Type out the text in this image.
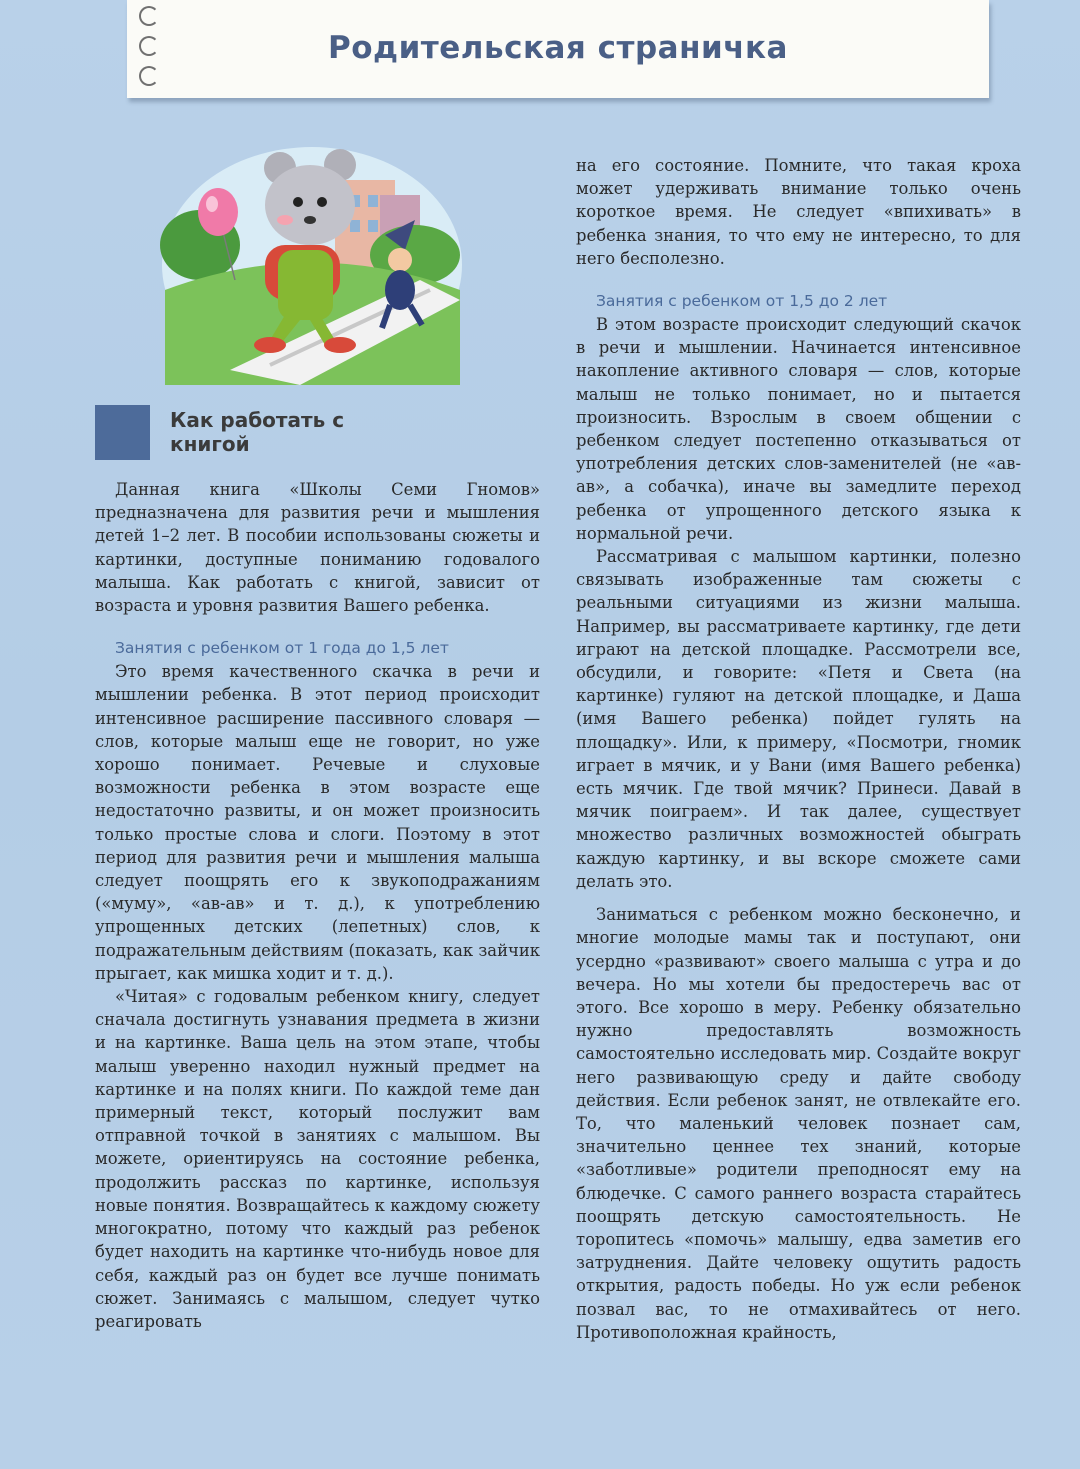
Родительская страничка
Как работать с книгой

Данная книга «Школы Семи Гномов» предназначена для развития речи и мышления детей 1–2 лет. В пособии использованы сюжеты и картинки, доступные пониманию годовалого малыша. Как работать с книгой, зависит от возраста и уровня развития Вашего ребенка.

Занятия с ребенком от 1 года до 1,5 лет

Это время качественного скачка в речи и мышлении ребенка. В этот период происходит интенсивное расширение пассивного словаря — слов, которые малыш еще не говорит, но уже хорошо понимает. Речевые и слуховые возможности ребенка в этом возрасте еще недостаточно развиты, и он может произносить только простые слова и слоги. Поэтому в этот период для развития речи и мышления малыша следует поощрять его к звукоподражаниям («муму», «ав-ав» и т. д.), к употреблению упрощенных детских (лепетных) слов, к подражательным действиям (показать, как зайчик прыгает, как мишка ходит и т. д.).

«Читая» с годовалым ребенком книгу, следует сначала достигнуть узнавания предмета в жизни и на картинке. Ваша цель на этом этапе, чтобы малыш уверенно находил нужный предмет на картинке и на полях книги. По каждой теме дан примерный текст, который послужит вам отправной точкой в занятиях с малышом. Вы можете, ориентируясь на состояние ребенка, продолжить рассказ по картинке, используя новые понятия. Возвращайтесь к каждому сюжету многократно, потому что каждый раз ребенок будет находить на картинке что-нибудь новое для себя, каждый раз он будет все лучше понимать сюжет. Занимаясь с малышом, следует чутко реагировать

на его состояние. Помните, что такая кроха может удерживать внимание только очень короткое время. Не следует «впихивать» в ребенка знания, то что ему не интересно, то для него бесполезно.

Занятия с ребенком от 1,5 до 2 лет

В этом возрасте происходит следующий скачок в речи и мышлении. Начинается интенсивное накопление активного словаря — слов, которые малыш не только понимает, но и пытается произносить. Взрослым в своем общении с ребенком следует постепенно отказываться от употребления детских слов-заменителей (не «ав-ав», а собачка), иначе вы замедлите переход ребенка от упрощенного детского языка к нормальной речи.

Рассматривая с малышом картинки, полезно связывать изображенные там сюжеты с реальными ситуациями из жизни малыша. Например, вы рассматриваете картинку, где дети играют на детской площадке. Рассмотрели все, обсудили, и говорите: «Петя и Света (на картинке) гуляют на детской площадке, и Даша (имя Вашего ребенка) пойдет гулять на площадку». Или, к примеру, «Посмотри, гномик играет в мячик, и у Вани (имя Вашего ребенка) есть мячик. Где твой мячик? Принеси. Давай в мячик поиграем». И так далее, существует множество различных возможностей обыграть каждую картинку, и вы вскоре сможете сами делать это.

Заниматься с ребенком можно бесконечно, и многие молодые мамы так и поступают, они усердно «развивают» своего малыша с утра и до вечера. Но мы хотели бы предостеречь вас от этого. Все хорошо в меру. Ребенку обязательно нужно предоставлять возможность самостоятельно исследовать мир. Создайте вокруг него развивающую среду и дайте свободу действия. Если ребенок занят, не отвлекайте его. То, что маленький человек познает сам, значительно ценнее тех знаний, которые «заботливые» родители преподносят ему на блюдечке. С самого раннего возраста старайтесь поощрять детскую самостоятельность. Не торопитесь «помочь» малышу, едва заметив его затруднения. Дайте человеку ощутить радость открытия, радость победы. Но уж если ребенок позвал вас, то не отмахивайтесь от него. Противоположная крайность,
